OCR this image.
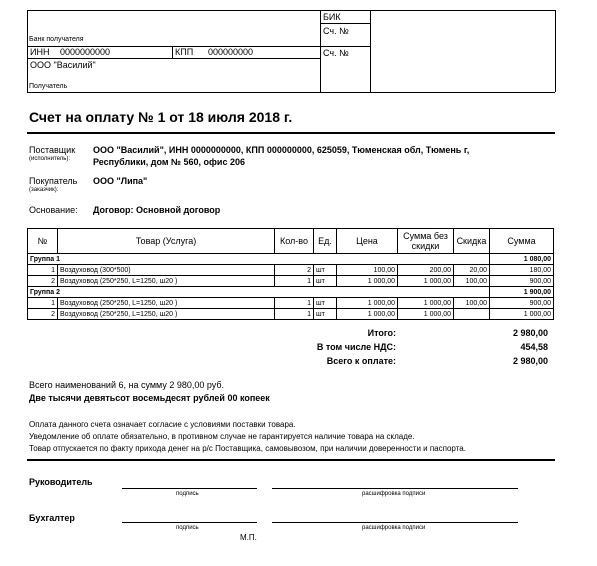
БИК
Сч. №
Банк получателя
ИНН 0000000000	КПП 000000000	Сч. №
ООО "Василий"
Получатель
Счет на оплату № 1 от 18 июля 2018 г.
Поставщик
(исполнитель):
ООО "Василий", ИНН 0000000000, КПП 000000000, 625059, Тюменская обл, Тюмень г,
Республики, дом № 560, офис 206
Покупатель
(заказчик):
ООО "Липа"
Основание: Договор: Основной договор
№	Товар (Услуга)	Кол-во	Ед.	Цена	Сумма без скидки	Скидка	Сумма
Группа 1							1 080,00
1	Воздуховод (300*500)	2	шт	100,00	200,00	20,00	180,00
2	Воздуховод (250*250, L=1250, ш20 )	1	шт	1 000,00	1 000,00	100,00	900,00
Группа 2							1 900,00
1	Воздуховод (250*250, L=1250, ш20 )	1	шт	1 000,00	1 000,00	100,00	900,00
2	Воздуховод (250*250, L=1250, ш20 )	1	шт	1 000,00	1 000,00		1 000,00
Итого:	2 980,00
В том числе НДС:	454,58
Всего к оплате:	2 980,00
Всего наименований 6, на сумму 2 980,00 руб.
Две тысячи девятьсот восемьдесят рублей 00 копеек
Оплата данного счета означает согласие с условиями поставки товара.
Уведомление об оплате обязательно, в противном случае не гарантируется наличие товара на складе.
Товар отпускается по факту прихода денег на р/с Поставщика, самовывозом, при наличии доверенности и паспорта.
Руководитель
подпись	расшифровка подписи
Бухгалтер
подпись	расшифровка подписи
М.П.
